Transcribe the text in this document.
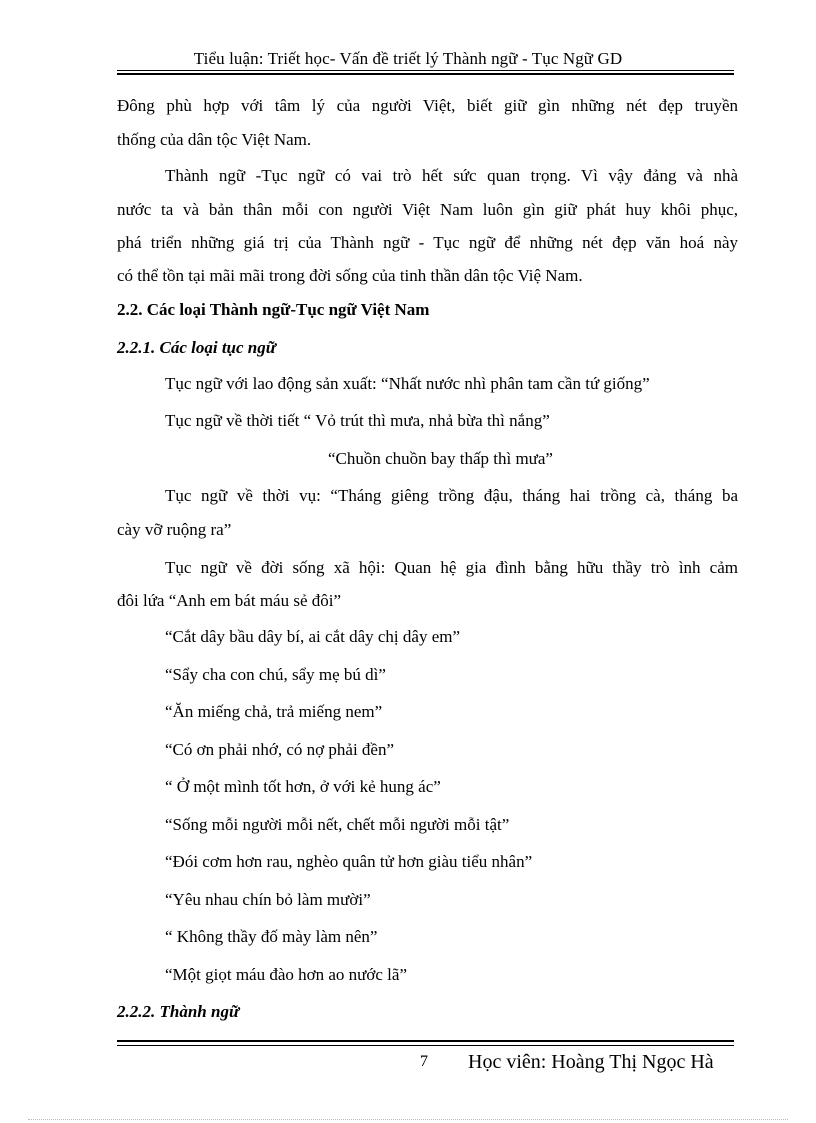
Tiểu luận: Triết học- Vấn đề triết lý Thành ngữ - Tục Ngữ GD
Đông phù hợp với tâm lý của người Việt, biết giữ gìn những nét đẹp truyền
thống của dân tộc Việt Nam.
Thành ngữ -Tục ngữ có vai trò hết sức quan trọng. Vì vậy đảng và nhà
nước ta và bản thân mỗi con người Việt Nam luôn gìn giữ phát huy khôi phục,
phá triển những giá trị của Thành ngữ - Tục ngữ để những nét đẹp văn hoá này
có thể tồn tại mãi mãi trong đời sống của tinh thần dân tộc Việ Nam.
2.2. Các loại Thành ngữ-Tục ngữ Việt Nam
2.2.1. Các loại tục ngữ
Tục ngữ với lao động sản xuất: “Nhất nước nhì phân tam cần tứ giống”
Tục ngữ về thời tiết “ Vỏ trút thì mưa, nhả bừa thì nắng”
“Chuồn chuồn bay thấp thì mưa”
Tục ngữ về thời vụ: “Tháng giêng trồng đậu, tháng hai trồng cà, tháng ba
cày vỡ ruộng ra”
Tục ngữ về đời sống xã hội: Quan hệ gia đình bằng hữu thầy trò ình cảm
đôi lứa “Anh em bát máu sẻ đôi”
“Cắt dây bầu dây bí, ai cắt dây chị dây em”
“Sẩy cha con chú, sẩy mẹ bú dì”
“Ăn miếng chả, trả miếng nem”
“Có ơn phải nhớ, có nợ phải đền”
“ Ở một mình tốt hơn, ở với kẻ hung ác”
“Sống mỗi người mỗi nết, chết mỗi người mỗi tật”
“Đói cơm hơn rau, nghèo quân tử hơn giàu tiểu nhân”
“Yêu nhau chín bỏ làm mười”
“ Không thầy đố mày làm nên”
“Một giọt máu đào hơn ao nước lã”
2.2.2. Thành ngữ
7 Học viên: Hoàng Thị Ngọc Hà
